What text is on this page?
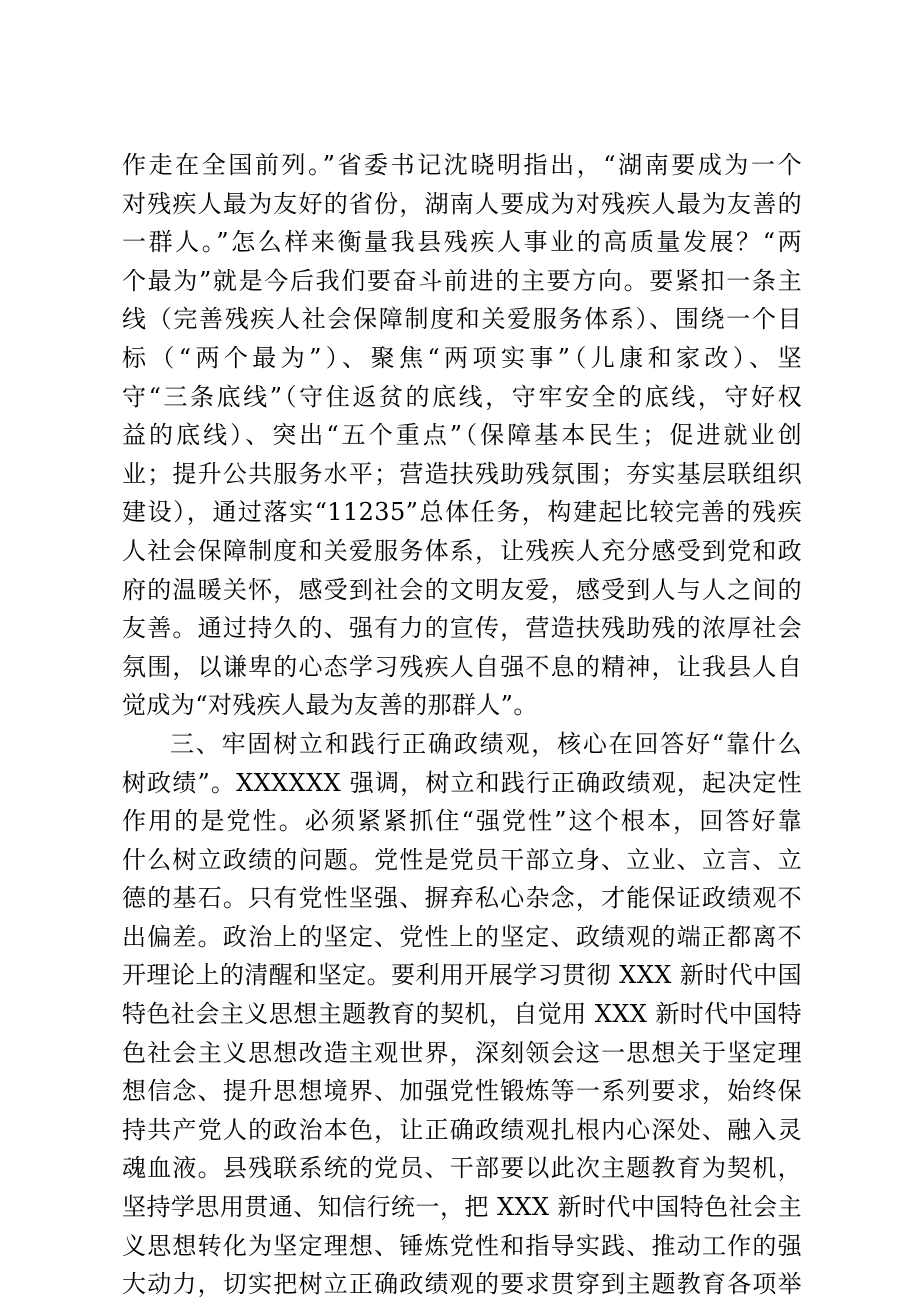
作走在全国前列。”省委书记沈晓明指出，“湖南要成为一个
对残疾人最为友好的省份，湖南人要成为对残疾人最为友善的
一群人。”怎么样来衡量我县残疾人事业的高质量发展？“两
个最为”就是今后我们要奋斗前进的主要方向。要紧扣一条主
线（完善残疾人社会保障制度和关爱服务体系）、围绕一个目
标（“两个最为”）、聚焦“两项实事”（儿康和家改）、坚
守“三条底线”（守住返贫的底线，守牢安全的底线，守好权
益的底线）、突出“五个重点”（保障基本民生；促进就业创
业；提升公共服务水平；营造扶残助残氛围；夯实基层联组织
建设），通过落实“11235”总体任务，构建起比较完善的残疾
人社会保障制度和关爱服务体系，让残疾人充分感受到党和政
府的温暖关怀，感受到社会的文明友爱，感受到人与人之间的
友善。通过持久的、强有力的宣传，营造扶残助残的浓厚社会
氛围，以谦卑的心态学习残疾人自强不息的精神，让我县人自
觉成为“对残疾人最为友善的那群人”。
三、牢固树立和践行正确政绩观，核心在回答好“靠什么
树政绩”。XXXXXX 强调，树立和践行正确政绩观，起决定性
作用的是党性。必须紧紧抓住“强党性”这个根本，回答好靠
什么树立政绩的问题。党性是党员干部立身、立业、立言、立
德的基石。只有党性坚强、摒弃私心杂念，才能保证政绩观不
出偏差。政治上的坚定、党性上的坚定、政绩观的端正都离不
开理论上的清醒和坚定。要利用开展学习贯彻 XXX 新时代中国
特色社会主义思想主题教育的契机，自觉用 XXX 新时代中国特
色社会主义思想改造主观世界，深刻领会这一思想关于坚定理
想信念、提升思想境界、加强党性锻炼等一系列要求，始终保
持共产党人的政治本色，让正确政绩观扎根内心深处、融入灵
魂血液。县残联系统的党员、干部要以此次主题教育为契机，
坚持学思用贯通、知信行统一，把 XXX 新时代中国特色社会主
义思想转化为坚定理想、锤炼党性和指导实践、推动工作的强
大动力，切实把树立正确政绩观的要求贯穿到主题教育各项举
